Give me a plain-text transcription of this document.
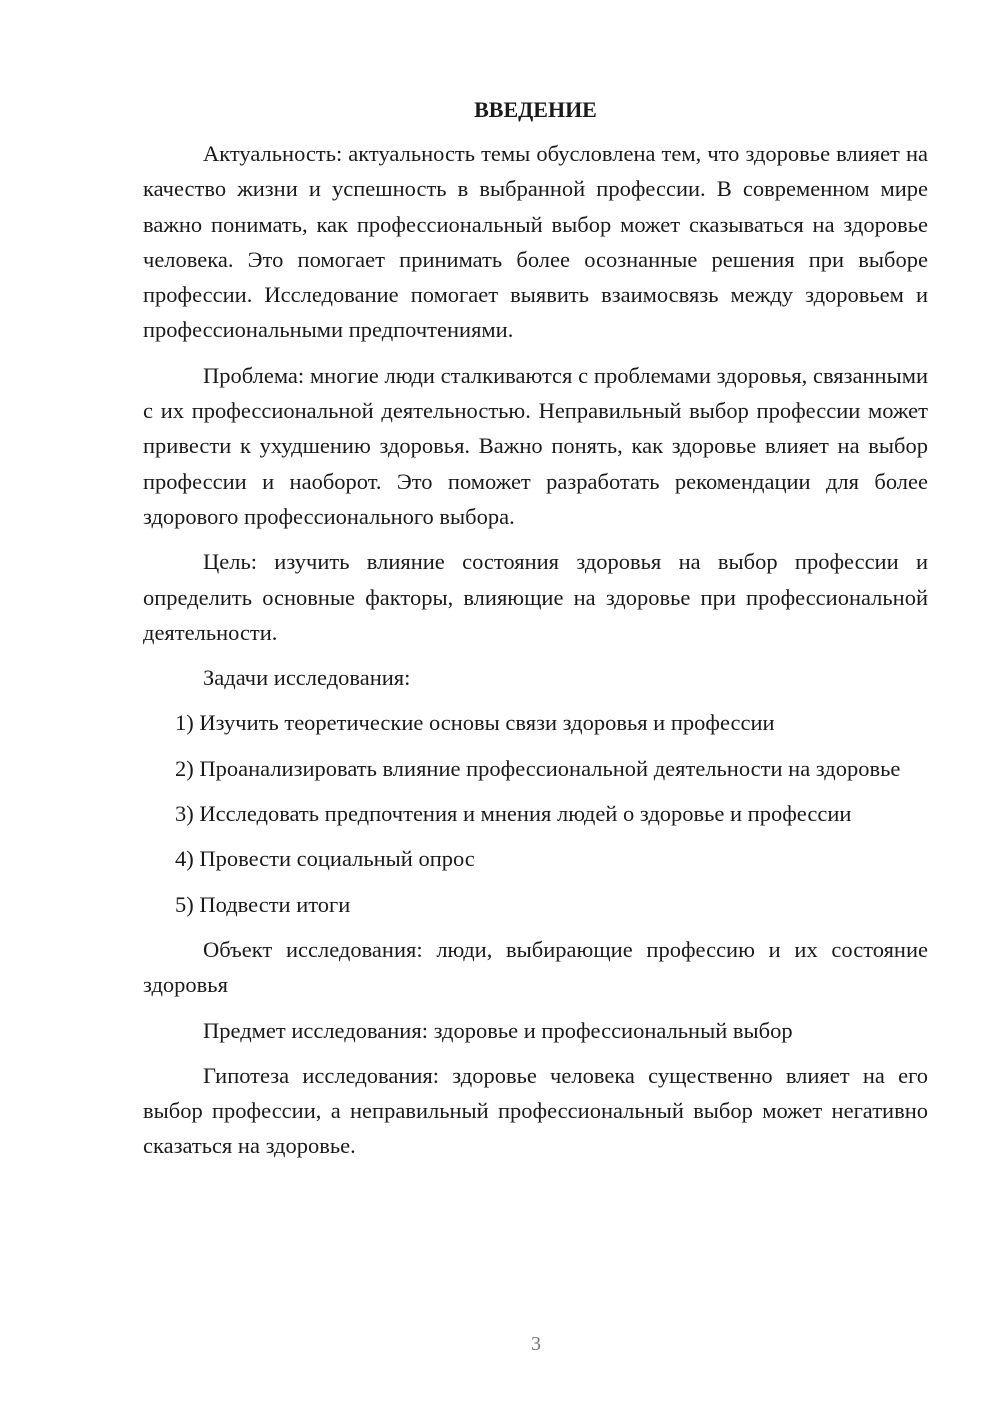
ВВЕДЕНИЕ

Актуальность: актуальность темы обусловлена тем, что здоровье влияет на качество жизни и успешность в выбранной профессии. В современном мире важно понимать, как профессиональный выбор может сказываться на здоровье человека. Это помогает принимать более осознанные решения при выборе профессии. Исследование помогает выявить взаимосвязь между здоровьем и профессиональными предпочтениями.

Проблема: многие люди сталкиваются с проблемами здоровья, связанными с их профессиональной деятельностью. Неправильный выбор профессии может привести к ухудшению здоровья. Важно понять, как здоровье влияет на выбор профессии и наоборот. Это поможет разработать рекомендации для более здорового профессионального выбора.

Цель: изучить влияние состояния здоровья на выбор профессии и определить основные факторы, влияющие на здоровье при профессиональной деятельности.

Задачи исследования:

1) Изучить теоретические основы связи здоровья и профессии

2) Проанализировать влияние профессиональной деятельности на здоровье

3) Исследовать предпочтения и мнения людей о здоровье и профессии

4) Провести социальный опрос

5) Подвести итоги

Объект исследования: люди, выбирающие профессию и их состояние здоровья

Предмет исследования: здоровье и профессиональный выбор

Гипотеза исследования: здоровье человека существенно влияет на его выбор профессии, а неправильный профессиональный выбор может негативно сказаться на здоровье.

3
